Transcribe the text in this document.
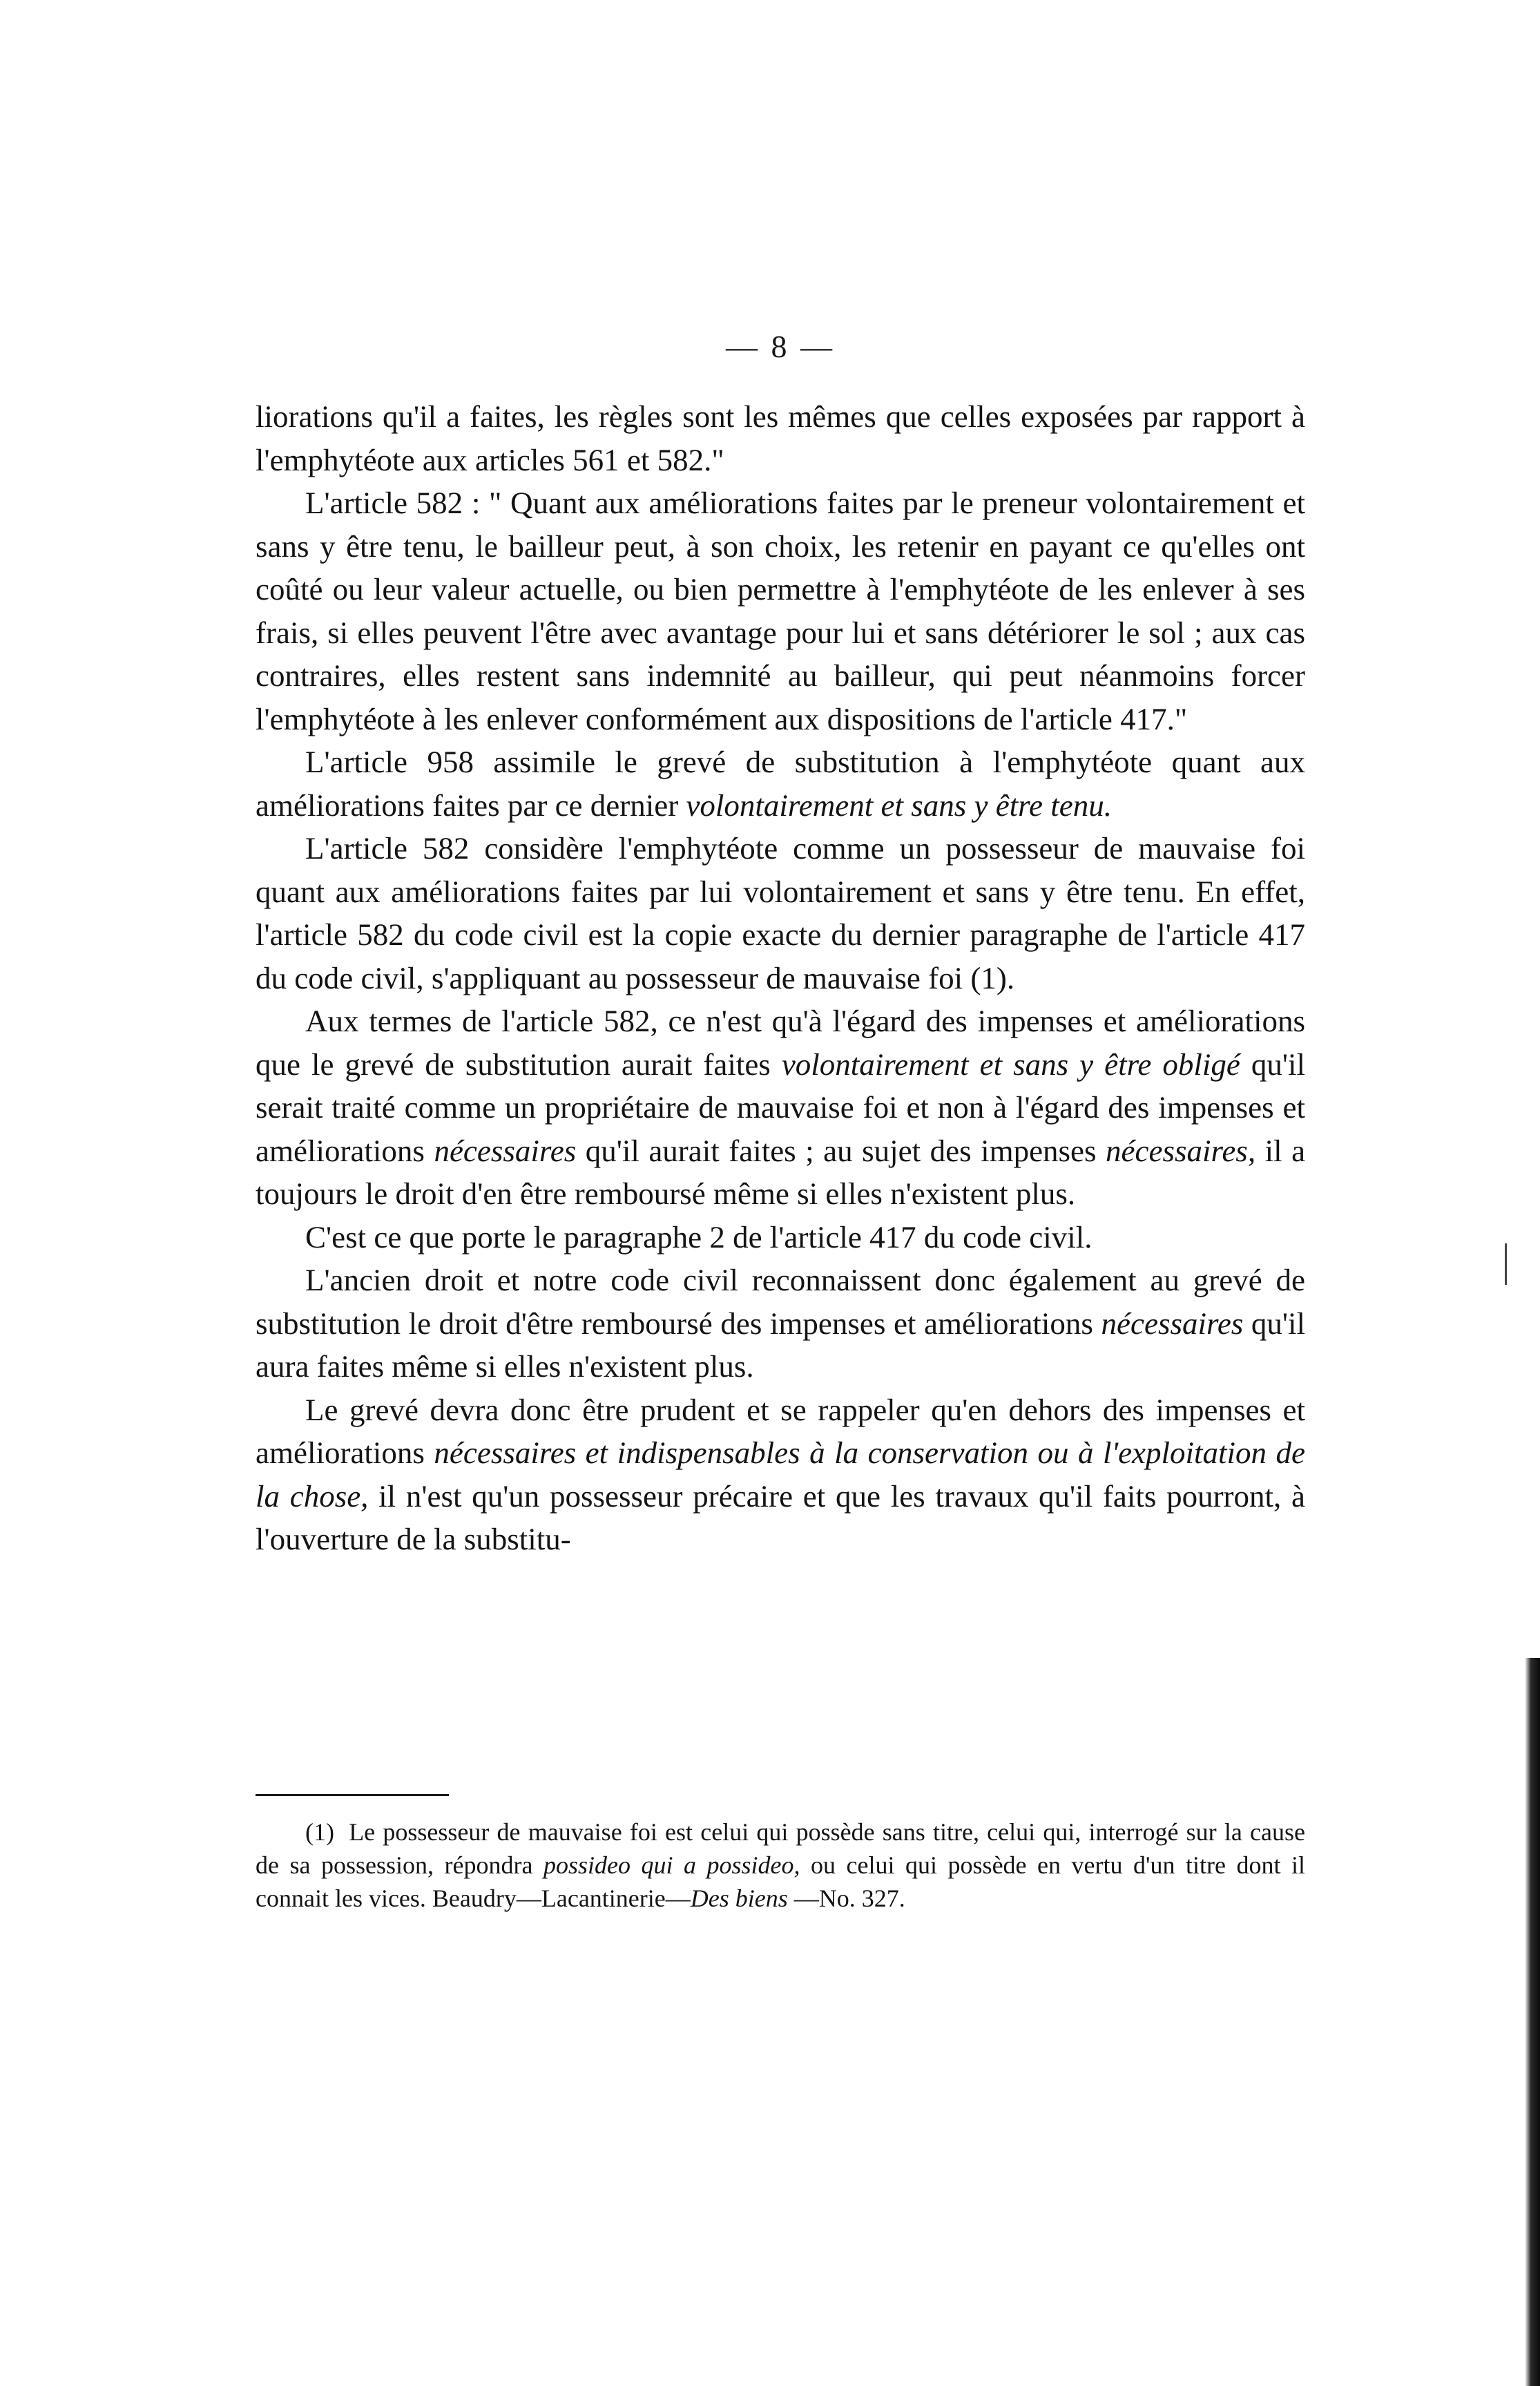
— 8 —

liorations qu'il a faites, les règles sont les mêmes que celles exposées par rapport à l'emphytéote aux articles 561 et 582."

L'article 582 : " Quant aux améliorations faites par le preneur volontairement et sans y être tenu, le bailleur peut, à son choix, les retenir en payant ce qu'elles ont coûté ou leur valeur actuelle, ou bien permettre à l'emphytéote de les enlever à ses frais, si elles peuvent l'être avec avantage pour lui et sans détériorer le sol ; aux cas contraires, elles restent sans indemnité au bailleur, qui peut néanmoins forcer l'emphytéote à les enlever conformément aux dispositions de l'article 417."

L'article 958 assimile le grevé de substitution à l'emphytéote quant aux améliorations faites par ce dernier volontairement et sans y être tenu.

L'article 582 considère l'emphytéote comme un possesseur de mauvaise foi quant aux améliorations faites par lui volontairement et sans y être tenu. En effet, l'article 582 du code civil est la copie exacte du dernier paragraphe de l'article 417 du code civil, s'appliquant au possesseur de mauvaise foi (1).

Aux termes de l'article 582, ce n'est qu'à l'égard des impenses et améliorations que le grevé de substitution aurait faites volontairement et sans y être obligé qu'il serait traité comme un propriétaire de mauvaise foi et non à l'égard des impenses et améliorations nécessaires qu'il aurait faites ; au sujet des impenses nécessaires, il a toujours le droit d'en être remboursé même si elles n'existent plus.

C'est ce que porte le paragraphe 2 de l'article 417 du code civil.

L'ancien droit et notre code civil reconnaissent donc également au grevé de substitution le droit d'être remboursé des impenses et améliorations nécessaires qu'il aura faites même si elles n'existent plus.

Le grevé devra donc être prudent et se rappeler qu'en dehors des impenses et améliorations nécessaires et indispensables à la conservation ou à l'exploitation de la chose, il n'est qu'un possesseur précaire et que les travaux qu'il faits pourront, à l'ouverture de la substitu-

(1) Le possesseur de mauvaise foi est celui qui possède sans titre, celui qui, interrogé sur la cause de sa possession, répondra possideo qui a possideo, ou celui qui possède en vertu d'un titre dont il connait les vices. Beaudry—Lacantinerie—Des biens —No. 327.
